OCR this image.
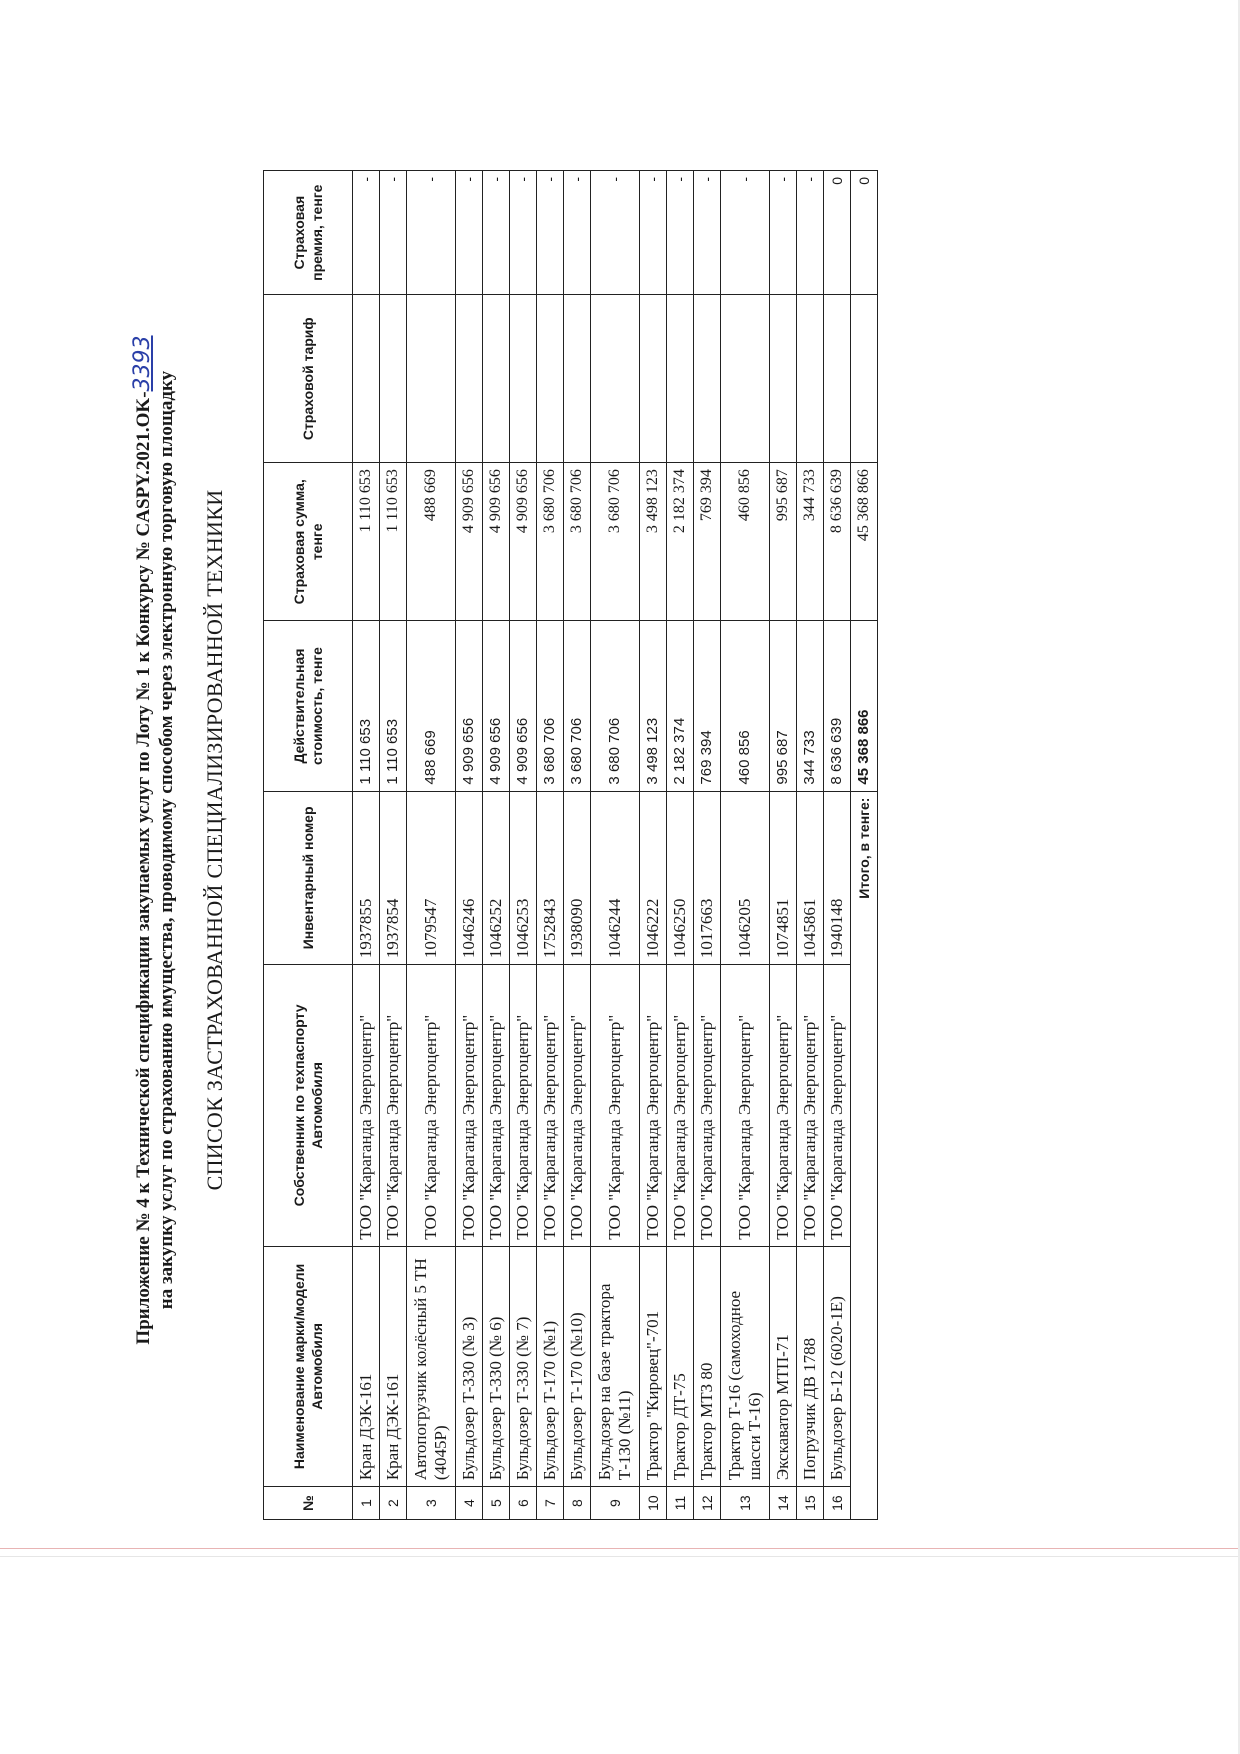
Приложение № 4 к Технической спецификации закупаемых услуг по Лоту № 1 к Конкурсу № CASPY.2021.OK-3393
на закупку услуг по страхованию имущества, проводимому способом через электронную торговую площадку СПИСОК ЗАСТРАХОВАННОЙ СПЕЦИАЛИЗИРОВАННОЙ ТЕХНИКИ
№	Наименование марки/модели Автомобиля	Собственник по техпаспорту Автомобиля	Инвентарный номер	Действительная стоимость, тенге	Страховая сумма, тенге	Страховой тариф	Страховая премия, тенге
1	Кран ДЭК-161	ТОО "Караганда Энергоцентр"	1937855	1 110 653	1 110 653		-
2	Кран ДЭК-161	ТОО "Караганда Энергоцентр"	1937854	1 110 653	1 110 653		-
3	Автопогрузчик колёсный 5 ТН (4045Р)	ТОО "Караганда Энергоцентр"	1079547	488 669	488 669		-
4	Бульдозер Т-330 (№ 3)	ТОО "Караганда Энергоцентр"	1046246	4 909 656	4 909 656		-
5	Бульдозер Т-330 (№ 6)	ТОО "Караганда Энергоцентр"	1046252	4 909 656	4 909 656		-
6	Бульдозер Т-330 (№ 7)	ТОО "Караганда Энергоцентр"	1046253	4 909 656	4 909 656		-
7	Бульдозер Т-170 (№1)	ТОО "Караганда Энергоцентр"	1752843	3 680 706	3 680 706		-
8	Бульдозер Т-170 (№10)	ТОО "Караганда Энергоцентр"	1938090	3 680 706	3 680 706		-
9	Бульдозер на базе трактора Т-130 (№11)	ТОО "Караганда Энергоцентр"	1046244	3 680 706	3 680 706		-
10	Трактор "Кировец"-701	ТОО "Караганда Энергоцентр"	1046222	3 498 123	3 498 123		-
11	Трактор ДТ-75	ТОО "Караганда Энергоцентр"	1046250	2 182 374	2 182 374		-
12	Трактор МТЗ 80	ТОО "Караганда Энергоцентр"	1017663	769 394	769 394		-
13	Трактор Т-16 (самоходное шасси Т-16)	ТОО "Караганда Энергоцентр"	1046205	460 856	460 856		-
14	Экскаватор МТП-71	ТОО "Караганда Энергоцентр"	1074851	995 687	995 687		-
15	Погрузчик ДВ 1788	ТОО "Караганда Энергоцентр"	1045861	344 733	344 733		-
16	Бульдозер Б-12 (6020-1Е)	ТОО "Караганда Энергоцентр"	1940148	8 636 639	8 636 639		0
Итого, в тенге:				45 368 866	45 368 866		0
